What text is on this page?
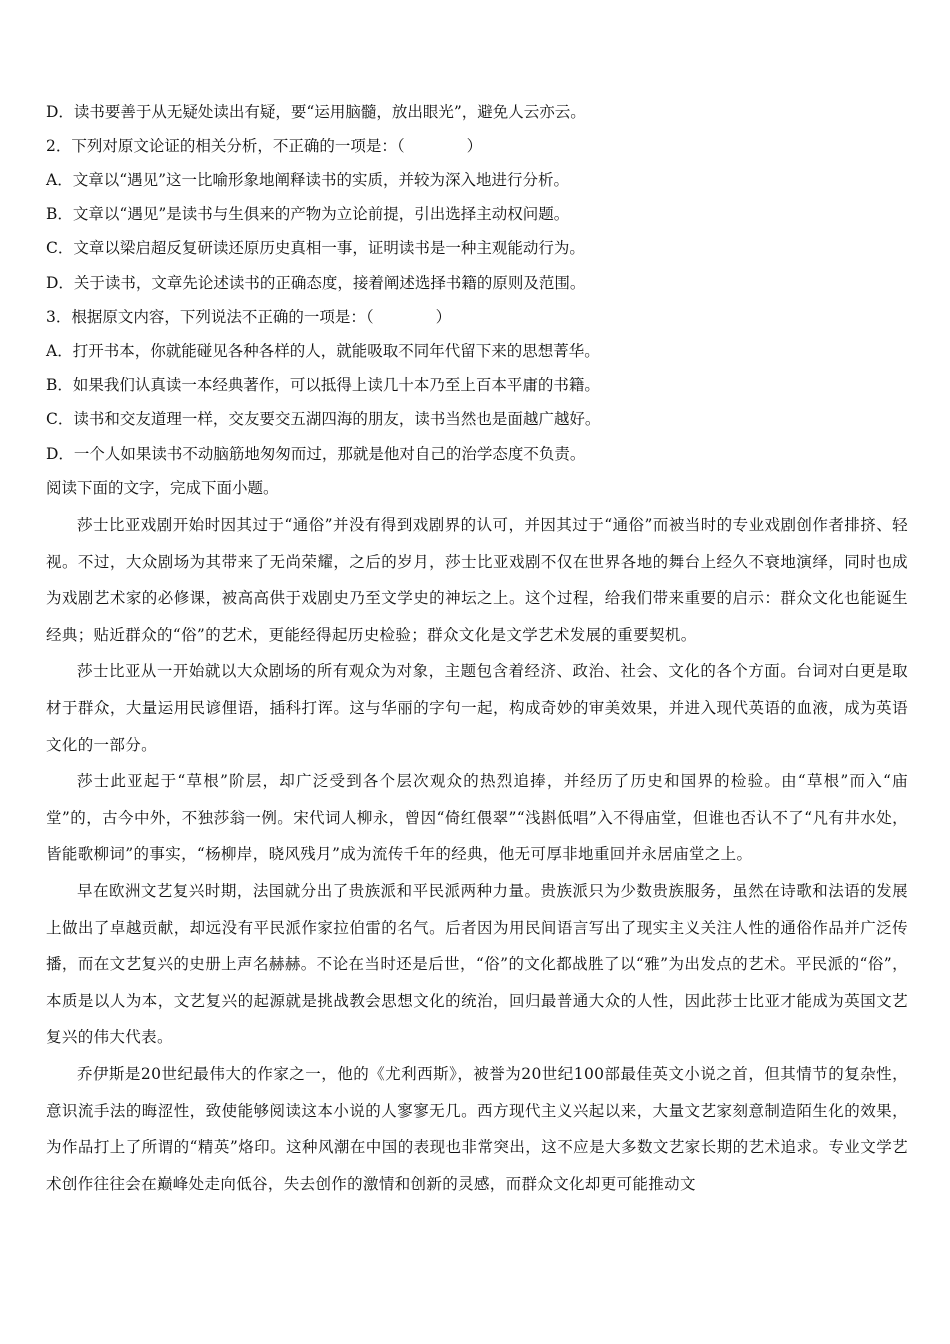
D．读书要善于从无疑处读出有疑，要“运用脑髓，放出眼光”，避免人云亦云。
2．下列对原文论证的相关分析，不正确的一项是：（　　　　）
A．文章以“遇见”这一比喻形象地阐释读书的实质，并较为深入地进行分析。
B．文章以“遇见”是读书与生俱来的产物为立论前提，引出选择主动权问题。
C．文章以梁启超反复研读还原历史真相一事，证明读书是一种主观能动行为。
D．关于读书，文章先论述读书的正确态度，接着阐述选择书籍的原则及范围。
3．根据原文内容，下列说法不正确的一项是：（　　　　）
A．打开书本，你就能碰见各种各样的人，就能吸取不同年代留下来的思想菁华。
B．如果我们认真读一本经典著作，可以抵得上读几十本乃至上百本平庸的书籍。
C．读书和交友道理一样，交友要交五湖四海的朋友，读书当然也是面越广越好。
D．一个人如果读书不动脑筋地匆匆而过，那就是他对自己的治学态度不负责。
阅读下面的文字，完成下面小题。

莎士比亚戏剧开始时因其过于“通俗”并没有得到戏剧界的认可，并因其过于“通俗”而被当时的专业戏剧创作者排挤、轻视。不过，大众剧场为其带来了无尚荣耀，之后的岁月，莎士比亚戏剧不仅在世界各地的舞台上经久不衰地演绎，同时也成为戏剧艺术家的必修课，被高高供于戏剧史乃至文学史的神坛之上。这个过程，给我们带来重要的启示：群众文化也能诞生经典；贴近群众的“俗”的艺术，更能经得起历史检验；群众文化是文学艺术发展的重要契机。

莎士比亚从一开始就以大众剧场的所有观众为对象，主题包含着经济、政治、社会、文化的各个方面。台词对白更是取材于群众，大量运用民谚俚语，插科打诨。这与华丽的字句一起，构成奇妙的审美效果，并进入现代英语的血液，成为英语文化的一部分。

莎士此亚起于“草根”阶层，却广泛受到各个层次观众的热烈追捧，并经历了历史和国界的检验。由“草根”而入“庙堂”的，古今中外，不独莎翁一例。宋代词人柳永，曾因“倚红偎翠”“浅斟低唱”入不得庙堂，但谁也否认不了“凡有井水处，皆能歌柳词”的事实，“杨柳岸，晓风残月”成为流传千年的经典，他无可厚非地重回并永居庙堂之上。

早在欧洲文艺复兴时期，法国就分出了贵族派和平民派两种力量。贵族派只为少数贵族服务，虽然在诗歌和法语的发展上做出了卓越贡献，却远没有平民派作家拉伯雷的名气。后者因为用民间语言写出了现实主义关注人性的通俗作品并广泛传播，而在文艺复兴的史册上声名赫赫。不论在当时还是后世，“俗”的文化都战胜了以“雅”为出发点的艺术。平民派的“俗”，本质是以人为本，文艺复兴的起源就是挑战教会思想文化的统治，回归最普通大众的人性，因此莎士比亚才能成为英国文艺复兴的伟大代表。

乔伊斯是20世纪最伟大的作家之一，他的《尤利西斯》，被誉为20世纪100部最佳英文小说之首，但其情节的复杂性，意识流手法的晦涩性，致使能够阅读这本小说的人寥寥无几。西方现代主义兴起以来，大量文艺家刻意制造陌生化的效果，为作品打上了所谓的“精英”烙印。这种风潮在中国的表现也非常突出，这不应是大多数文艺家长期的艺术追求。专业文学艺术创作往往会在巅峰处走向低谷，失去创作的激情和创新的灵感，而群众文化却更可能推动文
